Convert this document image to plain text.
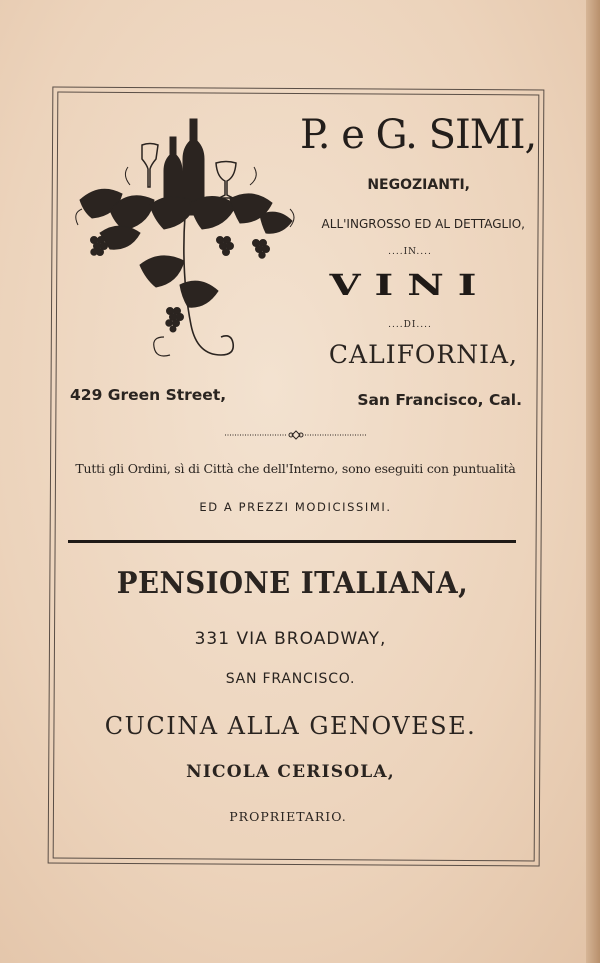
P. e G. SIMI,
NEGOZIANTI,
ALL'INGROSSO ED AL DETTAGLIO,
....IN....
VINI
....DI....
CALIFORNIA,
429 Green Street,	San Francisco, Cal.
Tutti gli Ordini, sì di Città che dell'Interno, sono eseguiti con puntualità
ED A PREZZI MODICISSIMI.
PENSIONE ITALIANA,
331 VIA BROADWAY,
SAN FRANCISCO.
CUCINA ALLA GENOVESE.
NICOLA CERISOLA,
PROPRIETARIO.
